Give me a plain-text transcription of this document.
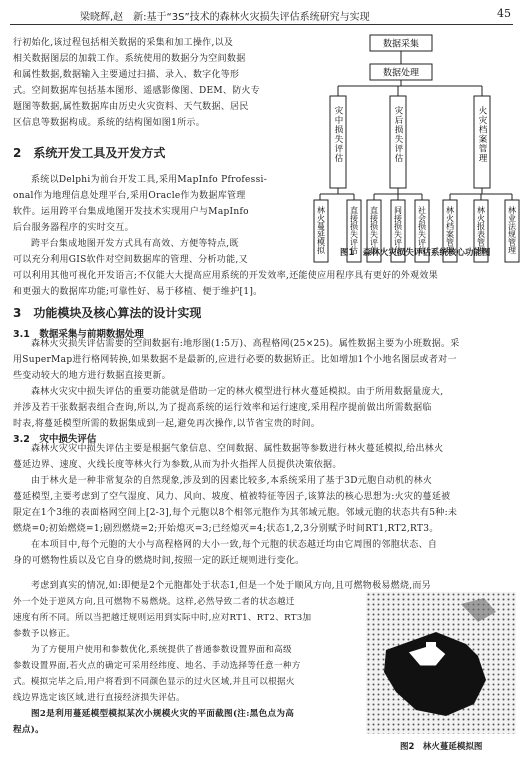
梁晓辉,赵　新:基于“3S”技术的森林火灾损失评估系统研究与实现	45

行初始化,该过程包括相关数据的采集和加工操作,以及

相关数据图层的加载工作。系统使用的数据分为空间数据

和属性数据,数据输入主要通过扫描、录入、数字化等形

式。空间数据库包括基本图形、遥感影像图、DEM、防火专

题图等数据,属性数据库由历史火灾资料、天气数据、居民

区信息等数据构成。系统的结构图如图1所示。

2　系统开发工具及开发方式

系统以Delphi为前台开发工具,采用MapInfo Pfrofessi-

onal作为地理信息处理平台,采用Oracle作为数据库管理

软件。运用跨平台集成地图开发技术实现用户与MapInfo

后台服务器程序的实时交互。

跨平台集成地图开发方式具有高效、方便等特点,既

可以充分利用GIS软件对空间数据库的管理、分析功能,又

可以利用其他可视化开发语言;不仅能大大提高应用系统的开发效率,还能使应用程序具有更好的外观效果

和更强大的数据库功能;可靠性好、易于移植、便于维护[1]。

数据采集
数据处理
灾中损失评估	灾后损失评估	火灾档案管理
林火蔓延模拟	直接损失评估 直接损失评估 间接损失评估 社会损失评估 林火档案管理	林火报表管理	林业法规管理
图1　森林火灾损失评估系统核心功能图
3　功能模块及核心算法的设计实现
3.1　数据采集与前期数据处理

森林火灾损失评估需要的空间数据有:地形图(1:5万)、高程格网(25×25)。属性数据主要为小班数据。采

用SuperMap进行格网转换,如果数据不是最新的,应进行必要的数据矫正。比如增加1个小地名图层或者对一

些变动较大的地方进行数据直接更新。

森林火灾灾中损失评估的重要功能就是借助一定的林火模型进行林火蔓延模拟。由于所用数据量庞大,

并涉及若干张数据表组合查询,所以,为了提高系统的运行效率和运行速度,采用程序提前做出所需数据临

时表,将蔓延模型所需的数据集成到一起,避免再次操作,以节省宝贵的时间。

3.2　灾中损失评估

森林火灾灾中损失评估主要是根据气象信息、空间数据、属性数据等参数进行林火蔓延模拟,给出林火

蔓延边界、速度、火线长度等林火行为参数,从而为扑火指挥人员提供决策依据。

由于林火是一种非常复杂的自然现象,涉及到的因素比较多,本系统采用了基于3D元胞自动机的林火

蔓延模型,主要考虑到了空气湿度、风力、风向、坡度、植被特征等因子,该算法的核心思想为:火灾的蔓延被

限定在1个3维的表面格网空间上[2-3],每个元胞以8个相邻元胞作为其邻域元胞。邻域元胞的状态共有5种:未

燃烧=0;初始燃烧=1;剧烈燃烧=2;开始熄灭=3;已经熄灭=4;状态1,2,3分别赋予时间RT1,RT2,RT3。

在本项目中,每个元胞的大小与高程格网的大小一致,每个元胞的状态越迁均由它周围的邻胞状态、自

身的可燃物性质以及它自身的燃烧时间,按照一定的跃迁规则进行变化。

考虑到真实的情况,如:即便是2个元胞都处于状态1,但是一个处于顺风方向,且可燃物极易燃烧,而另

外一个处于逆风方向,且可燃物不易燃烧。这样,必然导致二者的状态越迁

速度有所不同。所以当把越迁规则运用到实际中时,应对RT1、RT2、RT3加

参数予以修正。

为了方便用户使用和参数优化,系统提供了普通参数设置界面和高级

参数设置界面,若火点的确定可采用经纬度、地名、手动选择等任意一种方

式。模拟完毕之后,用户将看到不同颜色显示的过火区域,并且可以根据火

线边界选定该区域,进行直接经济损失评估。

图2是利用蔓延模型模拟某次小规模火灾的平面截图(注:黑色点为高

程点)。

图2　林火蔓延模拟图
